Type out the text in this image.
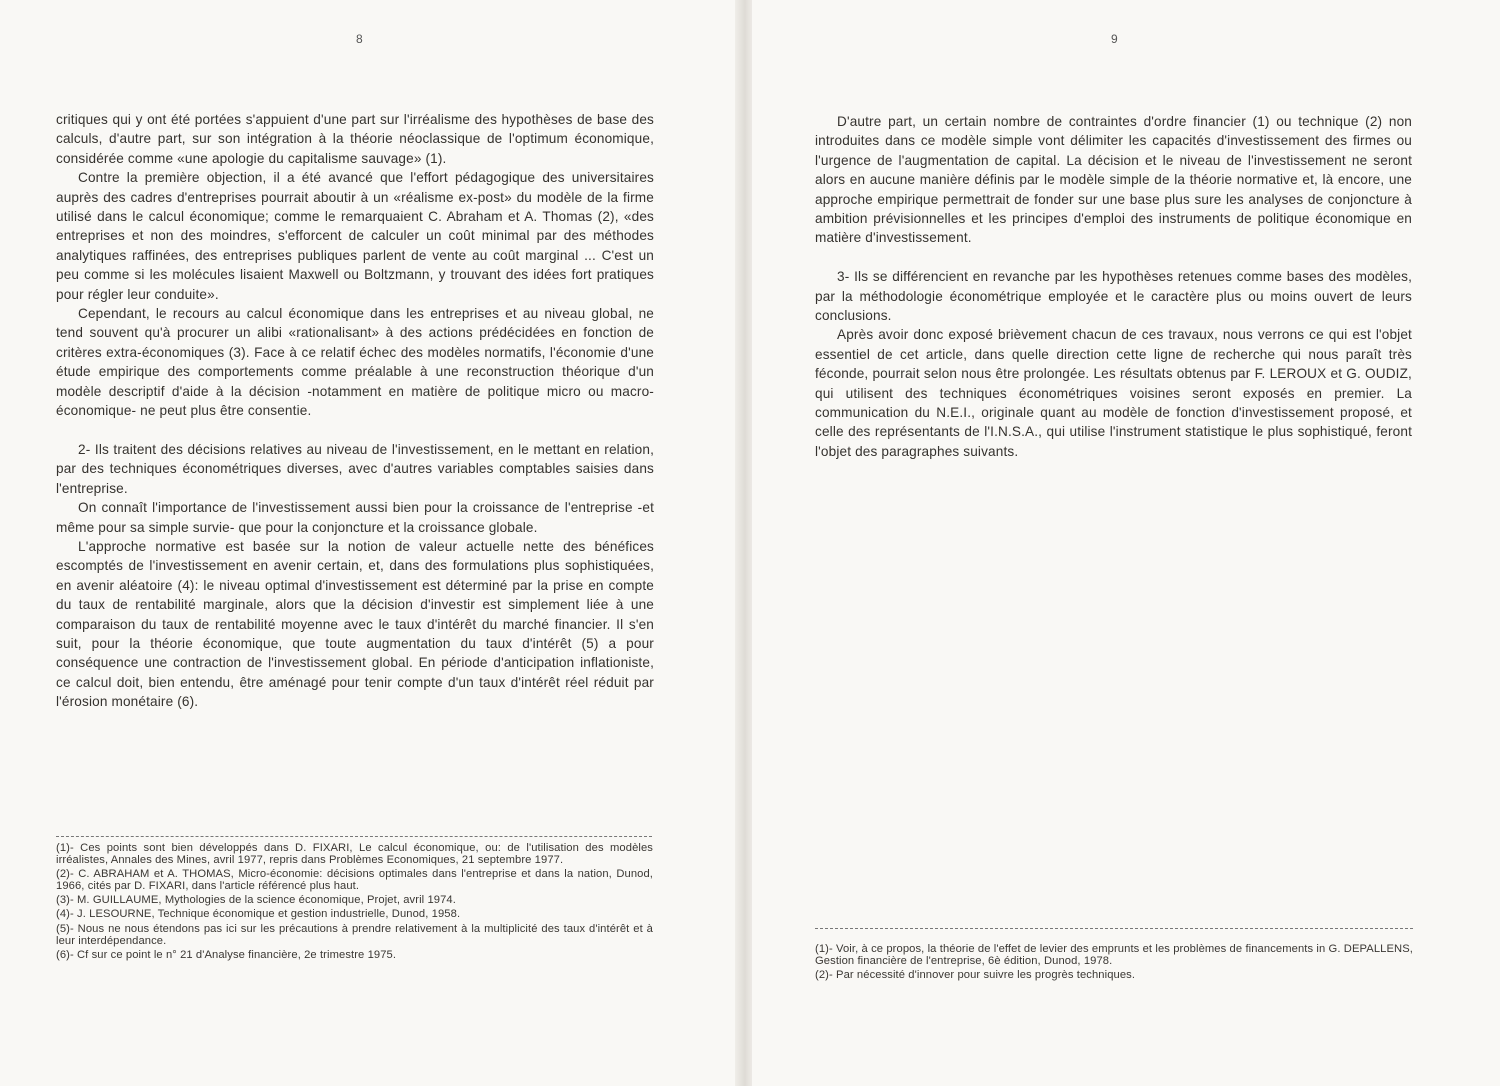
8

critiques qui y ont été portées s'appuient d'une part sur l'irréalisme des hypothèses de base des calculs, d'autre part, sur son intégration à la théorie néoclassique de l'optimum économique, considérée comme «une apologie du capitalisme sauvage» (1).

Contre la première objection, il a été avancé que l'effort pédagogique des universitaires auprès des cadres d'entreprises pourrait aboutir à un «réalisme ex-post» du modèle de la firme utilisé dans le calcul économique; comme le remarquaient C. Abraham et A. Thomas (2), «des entreprises et non des moindres, s'efforcent de calculer un coût minimal par des méthodes analytiques raffinées, des entreprises publiques parlent de vente au coût marginal ... C'est un peu comme si les molécules lisaient Maxwell ou Boltzmann, y trouvant des idées fort pratiques pour régler leur conduite».

Cependant, le recours au calcul économique dans les entreprises et au niveau global, ne tend souvent qu'à procurer un alibi «rationalisant» à des actions prédécidées en fonction de critères extra-économiques (3). Face à ce relatif échec des modèles normatifs, l'économie d'une étude empirique des comportements comme préalable à une reconstruction théorique d'un modèle descriptif d'aide à la décision -notamment en matière de politique micro ou macro-économique- ne peut plus être consentie.

2- Ils traitent des décisions relatives au niveau de l'investissement, en le mettant en relation, par des techniques économétriques diverses, avec d'autres variables comptables saisies dans l'entreprise.

On connaît l'importance de l'investissement aussi bien pour la croissance de l'entreprise -et même pour sa simple survie- que pour la conjoncture et la croissance globale.

L'approche normative est basée sur la notion de valeur actuelle nette des bénéfices escomptés de l'investissement en avenir certain, et, dans des formulations plus sophistiquées, en avenir aléatoire (4): le niveau optimal d'investissement est déterminé par la prise en compte du taux de rentabilité marginale, alors que la décision d'investir est simplement liée à une comparaison du taux de rentabilité moyenne avec le taux d'intérêt du marché financier. Il s'en suit, pour la théorie économique, que toute augmentation du taux d'intérêt (5) a pour conséquence une contraction de l'investissement global. En période d'anticipation inflationiste, ce calcul doit, bien entendu, être aménagé pour tenir compte d'un taux d'intérêt réel réduit par l'érosion monétaire (6).

(1)- Ces points sont bien développés dans D. FIXARI, Le calcul économique, ou: de l'utilisation des modèles irréalistes, Annales des Mines, avril 1977, repris dans Problèmes Economiques, 21 septembre 1977.
(2)- C. ABRAHAM et A. THOMAS, Micro-économie: décisions optimales dans l'entreprise et dans la nation, Dunod, 1966, cités par D. FIXARI, dans l'article référencé plus haut.
(3)- M. GUILLAUME, Mythologies de la science économique, Projet, avril 1974.
(4)- J. LESOURNE, Technique économique et gestion industrielle, Dunod, 1958.
(5)- Nous ne nous étendons pas ici sur les précautions à prendre relativement à la multiplicité des taux d'intérêt et à leur interdépendance.
(6)- Cf sur ce point le n° 21 d'Analyse financière, 2e trimestre 1975.
9

D'autre part, un certain nombre de contraintes d'ordre financier (1) ou technique (2) non introduites dans ce modèle simple vont délimiter les capacités d'investissement des firmes ou l'urgence de l'augmentation de capital. La décision et le niveau de l'investissement ne seront alors en aucune manière définis par le modèle simple de la théorie normative et, là encore, une approche empirique permettrait de fonder sur une base plus sure les analyses de conjoncture à ambition prévisionnelles et les principes d'emploi des instruments de politique économique en matière d'investissement.

3- Ils se différencient en revanche par les hypothèses retenues comme bases des modèles, par la méthodologie économétrique employée et le caractère plus ou moins ouvert de leurs conclusions.

Après avoir donc exposé brièvement chacun de ces travaux, nous verrons ce qui est l'objet essentiel de cet article, dans quelle direction cette ligne de recherche qui nous paraît très féconde, pourrait selon nous être prolongée. Les résultats obtenus par F. LEROUX et G. OUDIZ, qui utilisent des techniques économétriques voisines seront exposés en premier. La communication du N.E.I., originale quant au modèle de fonction d'investissement proposé, et celle des représentants de l'I.N.S.A., qui utilise l'instrument statistique le plus sophistiqué, feront l'objet des paragraphes suivants.

(1)- Voir, à ce propos, la théorie de l'effet de levier des emprunts et les problèmes de financements in G. DEPALLENS, Gestion financière de l'entreprise, 6è édition, Dunod, 1978.
(2)- Par nécessité d'innover pour suivre les progrès techniques.
